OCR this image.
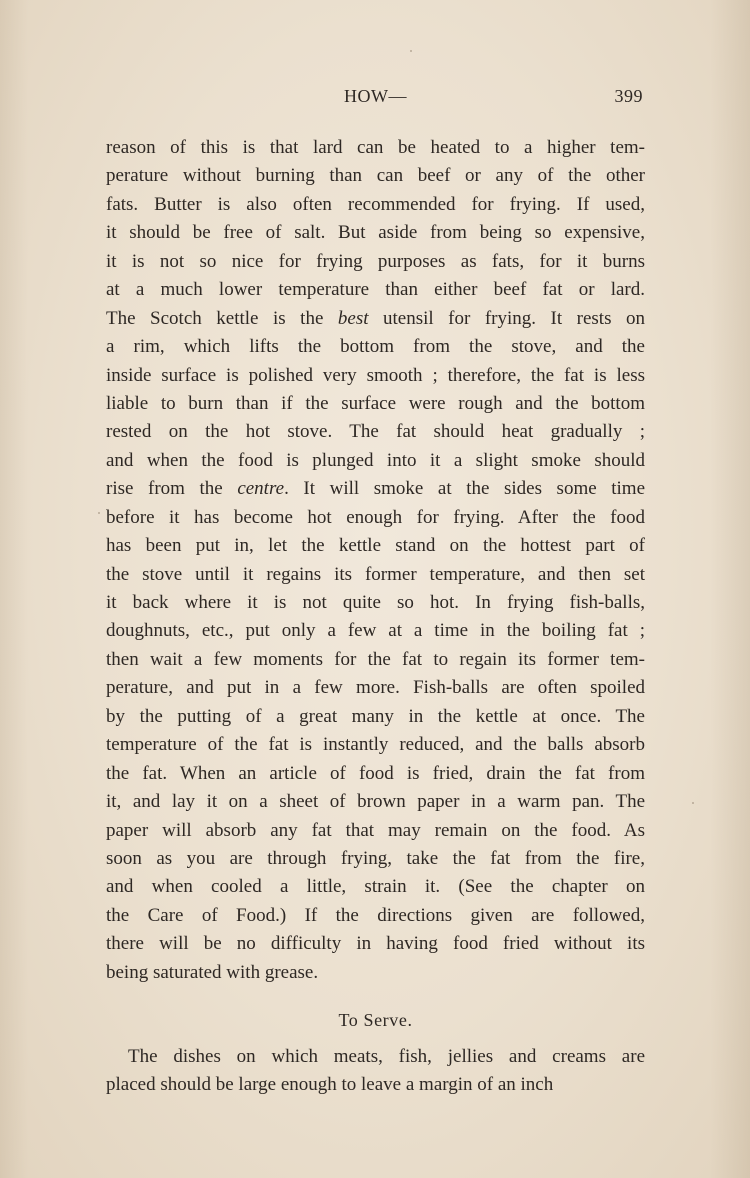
HOW—	399
reason of this is that lard can be heated to a higher tem-
perature without burning than can beef or any of the other
fats. Butter is also often recommended for frying. If used,
it should be free of salt. But aside from being so expensive,
it is not so nice for frying purposes as fats, for it burns
at a much lower temperature than either beef fat or lard.
The Scotch kettle is the best utensil for frying. It rests on
a rim, which lifts the bottom from the stove, and the
inside surface is polished very smooth ; therefore, the fat is less
liable to burn than if the surface were rough and the bottom
rested on the hot stove. The fat should heat gradually ;
and when the food is plunged into it a slight smoke should
rise from the centre. It will smoke at the sides some time
before it has become hot enough for frying. After the food
has been put in, let the kettle stand on the hottest part of
the stove until it regains its former temperature, and then set
it back where it is not quite so hot. In frying fish-balls,
doughnuts, etc., put only a few at a time in the boiling fat ;
then wait a few moments for the fat to regain its former tem-
perature, and put in a few more. Fish-balls are often spoiled
by the putting of a great many in the kettle at once. The
temperature of the fat is instantly reduced, and the balls absorb
the fat. When an article of food is fried, drain the fat from
it, and lay it on a sheet of brown paper in a warm pan. The
paper will absorb any fat that may remain on the food. As
soon as you are through frying, take the fat from the fire,
and when cooled a little, strain it. (See the chapter on
the Care of Food.) If the directions given are followed,
there will be no difficulty in having food fried without its
being saturated with grease.
To Serve.
The dishes on which meats, fish, jellies and creams are
placed should be large enough to leave a margin of an inch
